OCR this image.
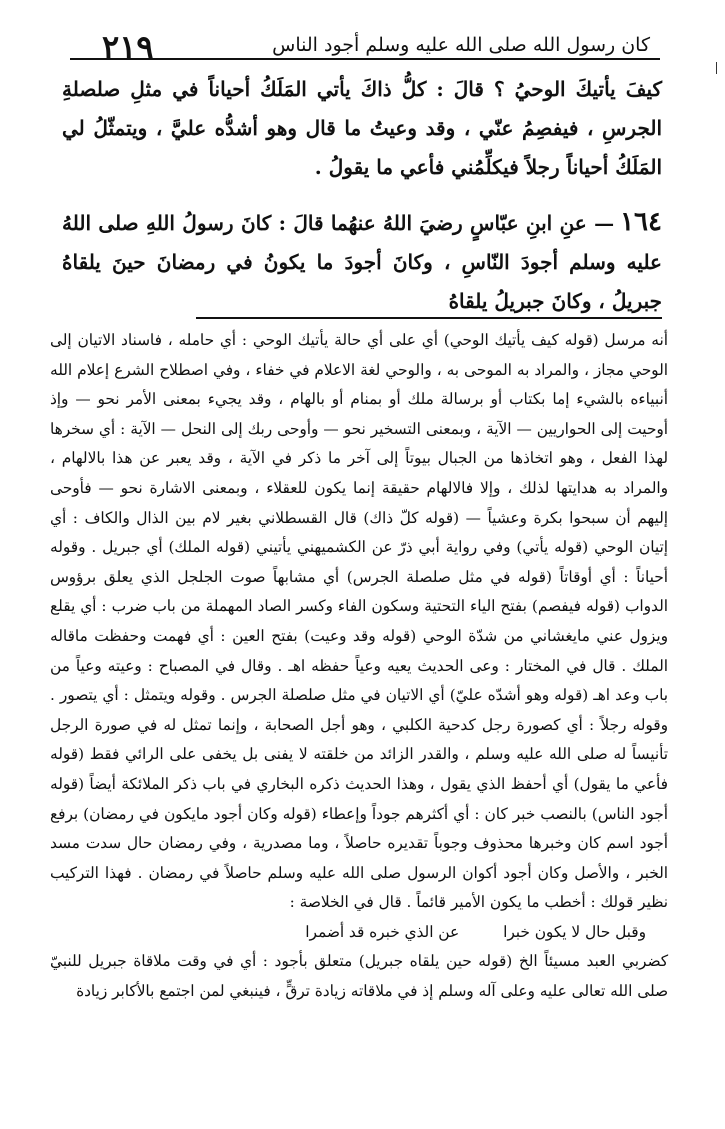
٢١٩	كان رسول الله صلى الله عليه وسلم أجود الناس

كيفَ يأتيكَ الوحيُ ؟ قالَ : كلُّ ذاكَ يأتي المَلَكُ أحياناً في مثلِ صلصلةِ الجرسِ ، فيفصِمُ عنّي ، وقد وعيتُ ما قال وهو أشدُّه عليَّ ، ويتمثّلُ لي المَلَكُ أحياناً رجلاً فيكلِّمُني فأعي ما يقولُ .

١٦٤— عنِ ابنِ عبّاسٍ رضيَ اللهُ عنهُما قالَ : كانَ رسولُ اللهِ صلى اللهُ عليه وسلم أجودَ النّاسِ ، وكانَ أجودَ ما يكونُ في رمضانَ حينَ يلقاهُ جبريلُ ، وكانَ جبريلُ يلقاهُ

أنه مرسل (قوله كيف يأتيك الوحي) أي على أي حالة يأتيك الوحي : أي حامله ، فاسناد الاتيان إلى الوحي مجاز ، والمراد به الموحى به ، والوحي لغة الاعلام في خفاء ، وفي اصطلاح الشرع إعلام الله أنبياءه بالشيء إما بكتاب أو برسالة ملك أو بمنام أو بالهام ، وقد يجيء بمعنى الأمر نحو — وإذ أوحيت إلى الحواريين — الآية ، وبمعنى التسخير نحو — وأوحى ربك إلى النحل — الآية : أي سخرها لهذا الفعل ، وهو اتخاذها من الجبال بيوتاً إلى آخر ما ذكر في الآية ، وقد يعبر عن هذا بالالهام ، والمراد به هدايتها لذلك ، وإلا فالالهام حقيقة إنما يكون للعقلاء ، وبمعنى الاشارة نحو — فأوحى إليهم أن سبحوا بكرة وعشياً — (قوله كلّ ذاك) قال القسطلاني بغير لام بين الذال والكاف : أي إتيان الوحي (قوله يأتي) وفي رواية أبي ذرّ عن الكشميهني يأتيني (قوله الملك) أي جبريل . وقوله أحياناً : أي أوقاتاً (قوله في مثل صلصلة الجرس) أي مشابهاً صوت الجلجل الذي يعلق برؤوس الدواب (قوله فيفصم) بفتح الياء التحتية وسكون الفاء وكسر الصاد المهملة من باب ضرب : أي يقلع ويزول عني مايغشاني من شدّة الوحي (قوله وقد وعيت) بفتح العين : أي فهمت وحفظت ماقاله الملك . قال في المختار : وعى الحديث يعيه وعياً حفظه اهـ . وقال في المصباح : وعيته وعياً من باب وعد اهـ (قوله وهو أشدّه عليّ) أي الاتيان في مثل صلصلة الجرس . وقوله ويتمثل : أي يتصور . وقوله رجلاً : أي كصورة رجل كدحية الكلبي ، وهو أجل الصحابة ، وإنما تمثل له في صورة الرجل تأنيساً له صلى الله عليه وسلم ، والقدر الزائد من خلقته لا يفنى بل يخفى على الرائي فقط (قوله فأعي ما يقول) أي أحفظ الذي يقول ، وهذا الحديث ذكره البخاري في باب ذكر الملائكة أيضاً (قوله أجود الناس) بالنصب خبر كان : أي أكثرهم جوداً وإعطاء (قوله وكان أجود مايكون في رمضان) برفع أجود اسم كان وخبرها محذوف وجوباً تقديره حاصلاً ، وما مصدرية ، وفي رمضان حال سدت مسد الخبر ، والأصل وكان أجود أكوان الرسول صلى الله عليه وسلم حاصلاً في رمضان . فهذا التركيب نظير قولك : أخطب ما يكون الأمير قائماً . قال في الخلاصة :

وقبل حال لا يكون خبراعن الذي خبره قد أضمرا

كضربي العبد مسيئاً الخ (قوله حين يلقاه جبريل) متعلق بأجود : أي في وقت ملاقاة جبريل للنبيّ صلى الله تعالى عليه وعلى آله وسلم إذ في ملاقاته زيادة ترقٍّ ، فينبغي لمن اجتمع بالأكابر زيادة
